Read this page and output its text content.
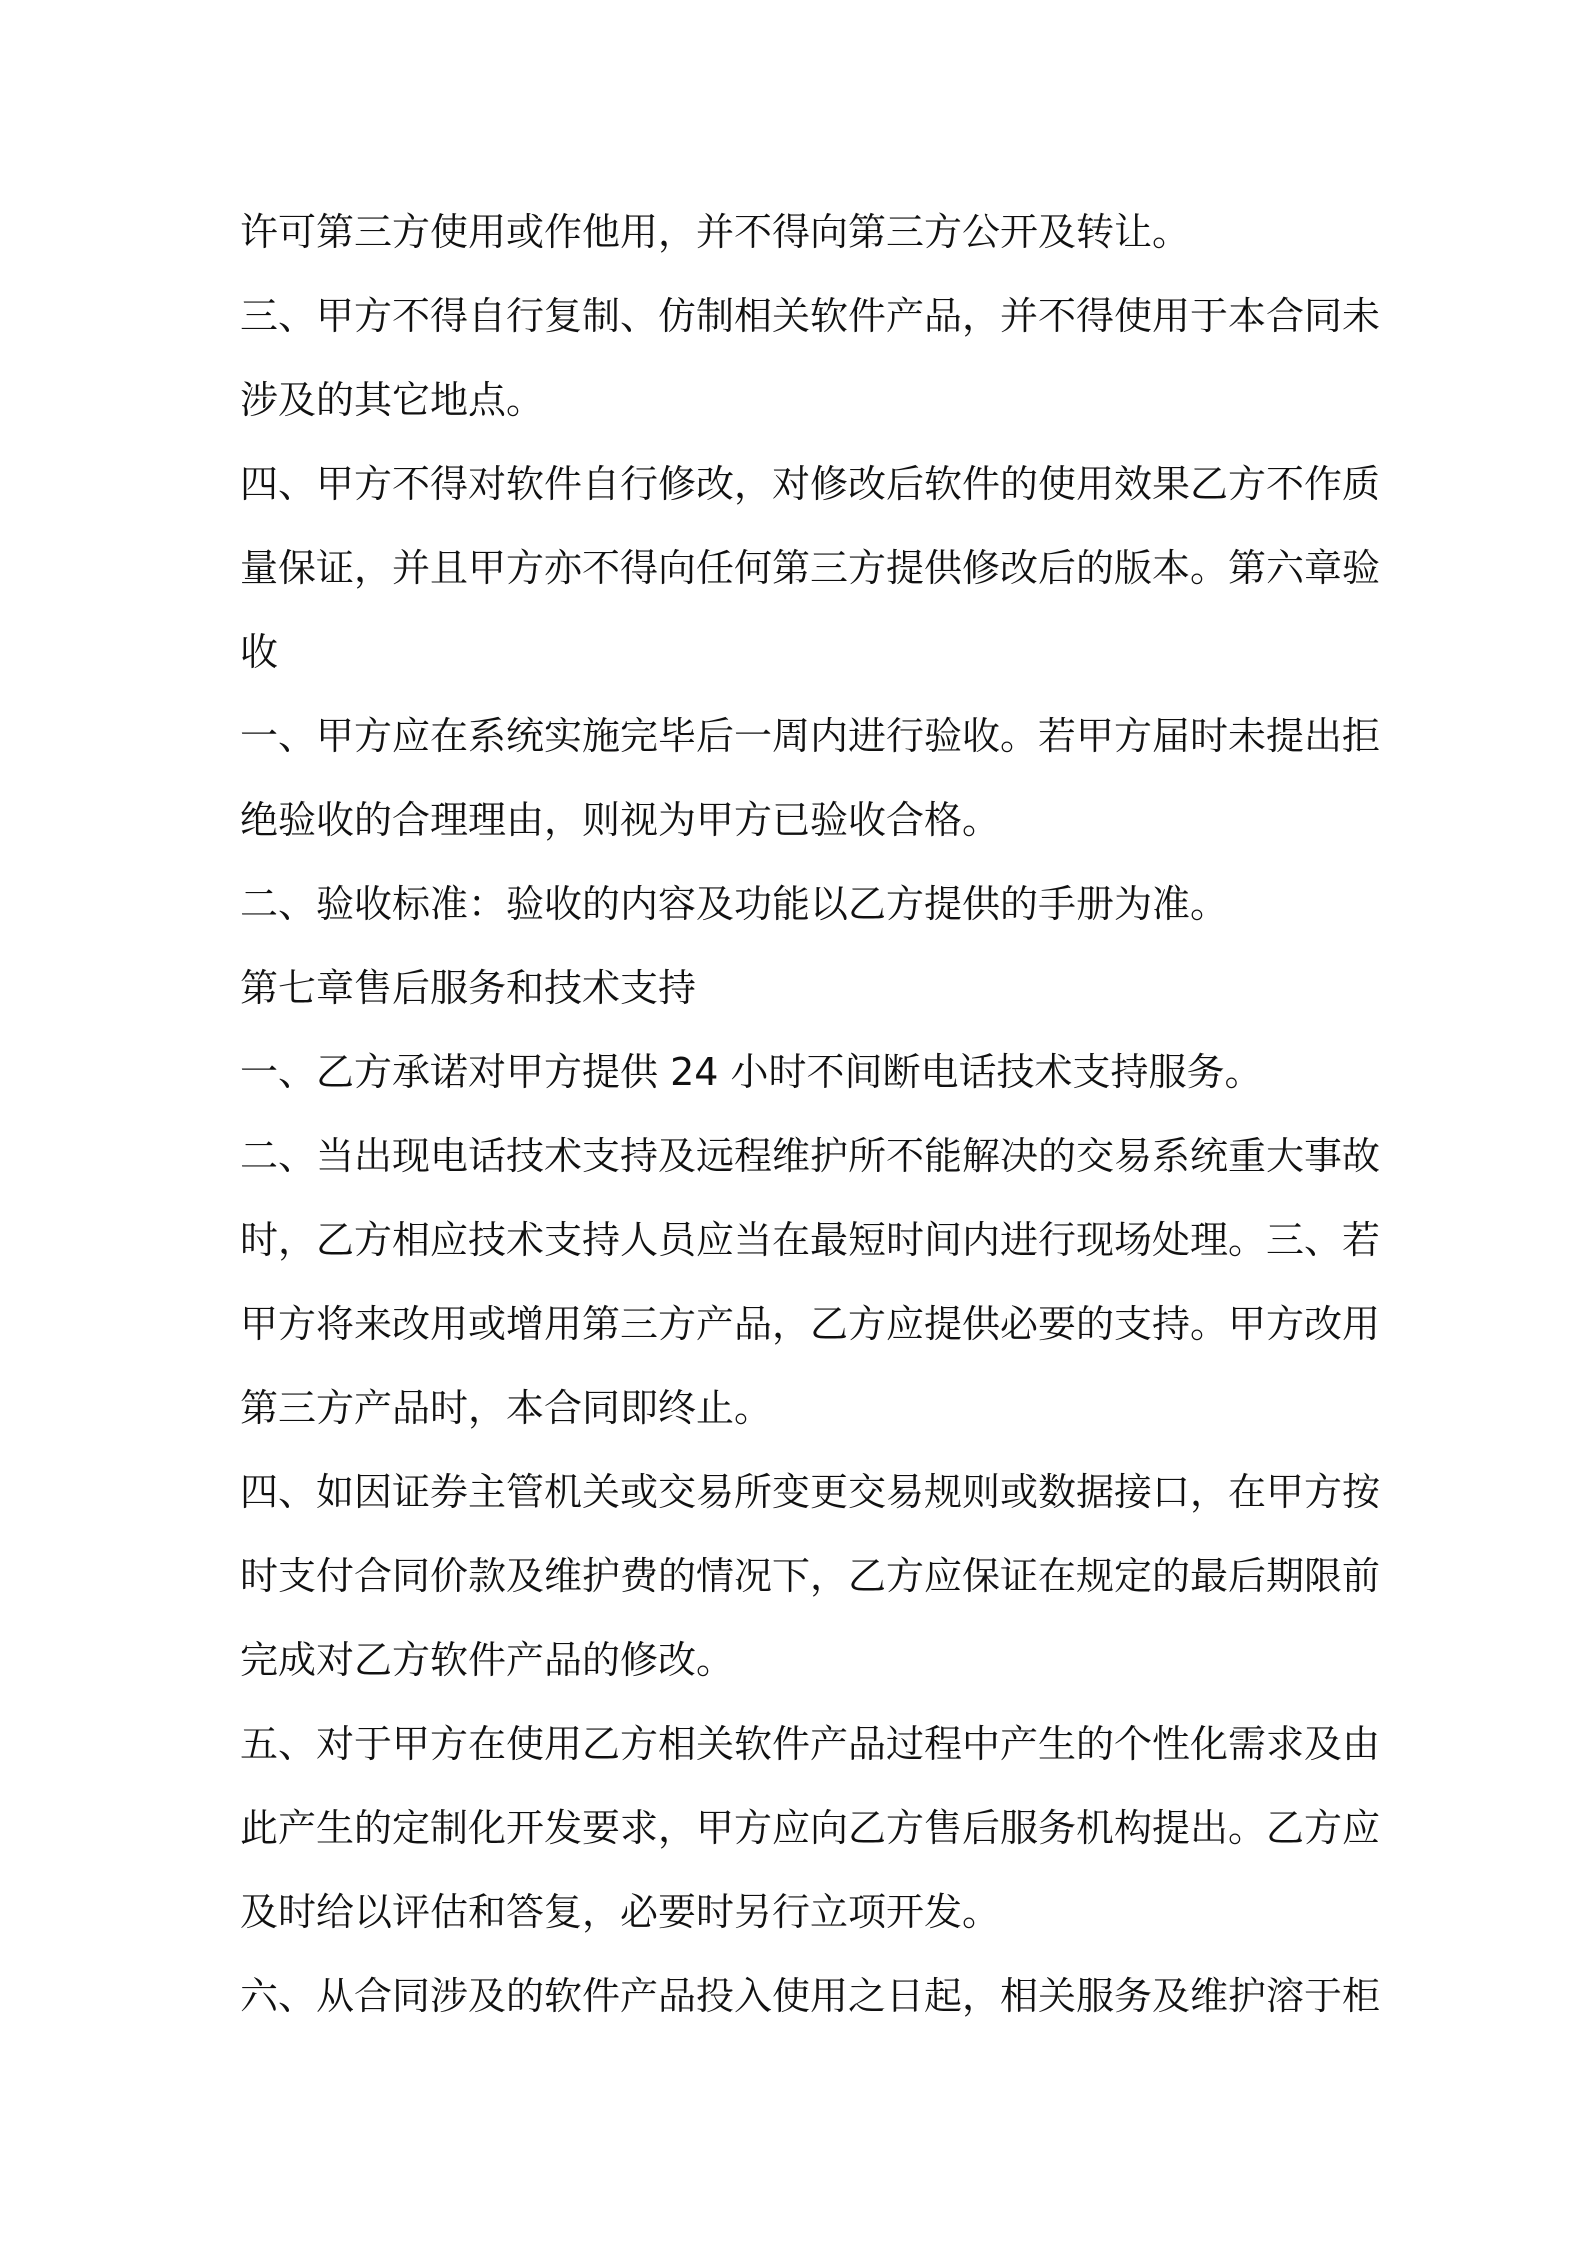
许可第三方使用或作他用，并不得向第三方公开及转让。
三、甲方不得自行复制、仿制相关软件产品，并不得使用于本合同未
涉及的其它地点。
四、甲方不得对软件自行修改，对修改后软件的使用效果乙方不作质
量保证，并且甲方亦不得向任何第三方提供修改后的版本。第六章验
收
一、甲方应在系统实施完毕后一周内进行验收。若甲方届时未提出拒
绝验收的合理理由，则视为甲方已验收合格。
二、验收标准：验收的内容及功能以乙方提供的手册为准。
第七章售后服务和技术支持
一、乙方承诺对甲方提供 24 小时不间断电话技术支持服务。
二、当出现电话技术支持及远程维护所不能解决的交易系统重大事故
时，乙方相应技术支持人员应当在最短时间内进行现场处理。三、若
甲方将来改用或增用第三方产品，乙方应提供必要的支持。甲方改用
第三方产品时，本合同即终止。
四、如因证券主管机关或交易所变更交易规则或数据接口，在甲方按
时支付合同价款及维护费的情况下，乙方应保证在规定的最后期限前
完成对乙方软件产品的修改。
五、对于甲方在使用乙方相关软件产品过程中产生的个性化需求及由
此产生的定制化开发要求，甲方应向乙方售后服务机构提出。乙方应
及时给以评估和答复，必要时另行立项开发。
六、从合同涉及的软件产品投入使用之日起，相关服务及维护溶于柜
